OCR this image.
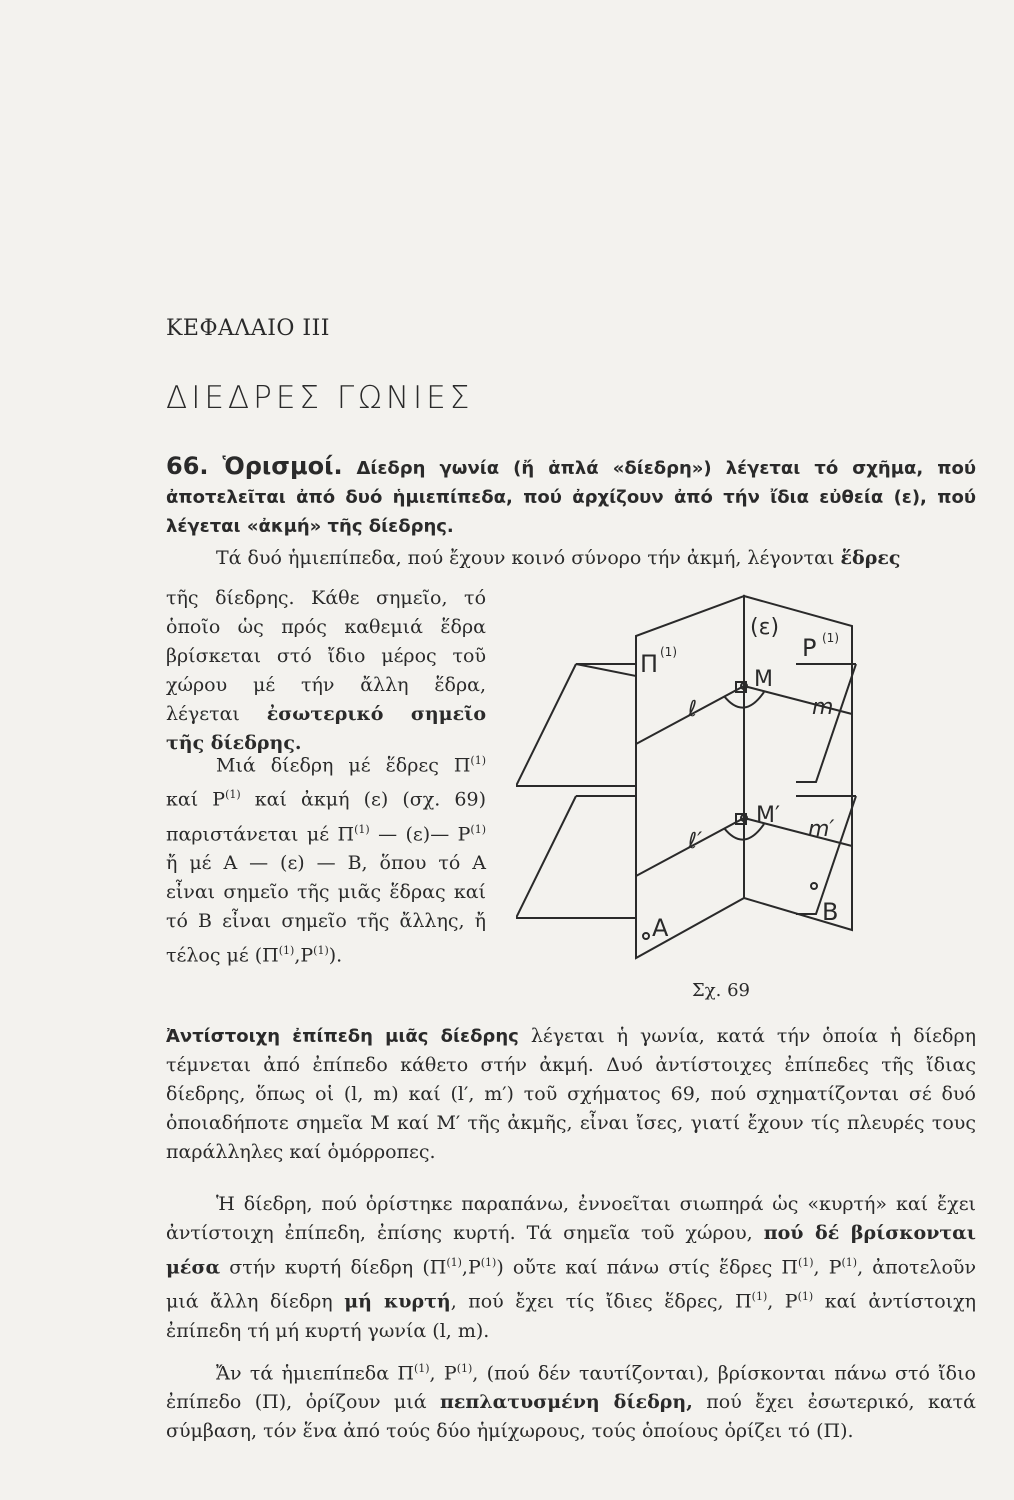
ΚΕΦΑΛΑΙΟ III
ΔΙΕΔΡΕΣ ΓΩΝΙΕΣ
66. Ὁρισμοί. Δίεδρη γωνία (ἤ ἁπλά «δίεδρη») λέγεται τό σχῆμα, πού ἀποτελεῖται ἀπό δυό ἡμιεπίπεδα, πού ἀρχίζουν ἀπό τήν ἴδια εὐθεία (ε), πού λέγεται «ἀκμή» τῆς δίεδρης.
Τά δυό ἡμιεπίπεδα, πού ἔχουν κοινό σύνορο τήν ἀκμή, λέγονται ἕδρες
τῆς δίεδρης. Κάθε σημεῖο, τό ὁποῖο ὡς πρός καθεμιά ἕδρα βρίσκεται στό ἴδιο μέρος τοῦ χώρου μέ τήν ἄλλη ἕδρα, λέγεται ἐσωτερικό σημεῖο τῆς δίεδρης.
Μιά δίεδρη μέ ἕδρες $\Pi^{(1)}$ καί $P^{(1)}$ καί ἀκμή (ε) (σχ. 69) παριστάνεται μέ $\Pi^{(1)}$ — (ε)— $P^{(1)}$ ἤ μέ Α — (ε) — Β, ὅπου τό Α εἶναι σημεῖο τῆς μιᾶς ἕδρας καί τό Β εἶναι σημεῖο τῆς ἄλλης, ἤ τέλος μέ $(\Pi^{(1)},P^{(1)})$.
Π (1)	Ρ (1)
(ε)
M
M′
ℓ	m
ℓ′	m′
A
B
Σχ. 69
Ἀντίστοιχη ἐπίπεδη μιᾶς δίεδρης λέγεται ἡ γωνία, κατά τήν ὁποία ἡ δίεδρη τέμνεται ἀπό ἐπίπεδο κάθετο στήν ἀκμή. Δυό ἀντίστοιχες ἐπίπεδες τῆς ἴδιας δίεδρης, ὅπως οἱ (l, m) καί (l′, m′) τοῦ σχήματος 69, πού σχηματίζονται σέ δυό ὁποιαδήποτε σημεῖα Μ καί Μ′ τῆς ἀκμῆς, εἶναι ἴσες, γιατί ἔχουν τίς πλευρές τους παράλληλες καί ὁμόρροπες.
Ἡ δίεδρη, πού ὁρίστηκε παραπάνω, ἐννοεῖται σιωπηρά ὡς «κυρτή» καί ἔχει ἀντίστοιχη ἐπίπεδη, ἐπίσης κυρτή. Τά σημεῖα τοῦ χώρου, πού δέ βρίσκονται μέσα στήν κυρτή δίεδρη $(\Pi^{(1)},P^{(1)})$ οὔτε καί πάνω στίς ἕδρες $\Pi^{(1)}$, $P^{(1)}$, ἀποτελοῦν μιά ἄλλη δίεδρη μή κυρτή, πού ἔχει τίς ἴδιες ἕδρες, $\Pi^{(1)}$, $P^{(1)}$ καί ἀντίστοιχη ἐπίπεδη τή μή κυρτή γωνία (l, m).
Ἄν τά ἡμιεπίπεδα $\Pi^{(1)}$, $P^{(1)}$, (πού δέν ταυτίζονται), βρίσκονται πάνω στό ἴδιο ἐπίπεδο (Π), ὁρίζουν μιά πεπλατυσμένη δίεδρη, πού ἔχει ἐσωτερικό, κατά σύμβαση, τόν ἕνα ἀπό τούς δύο ἡμίχωρους, τούς ὁποίους ὁρίζει τό (Π).
